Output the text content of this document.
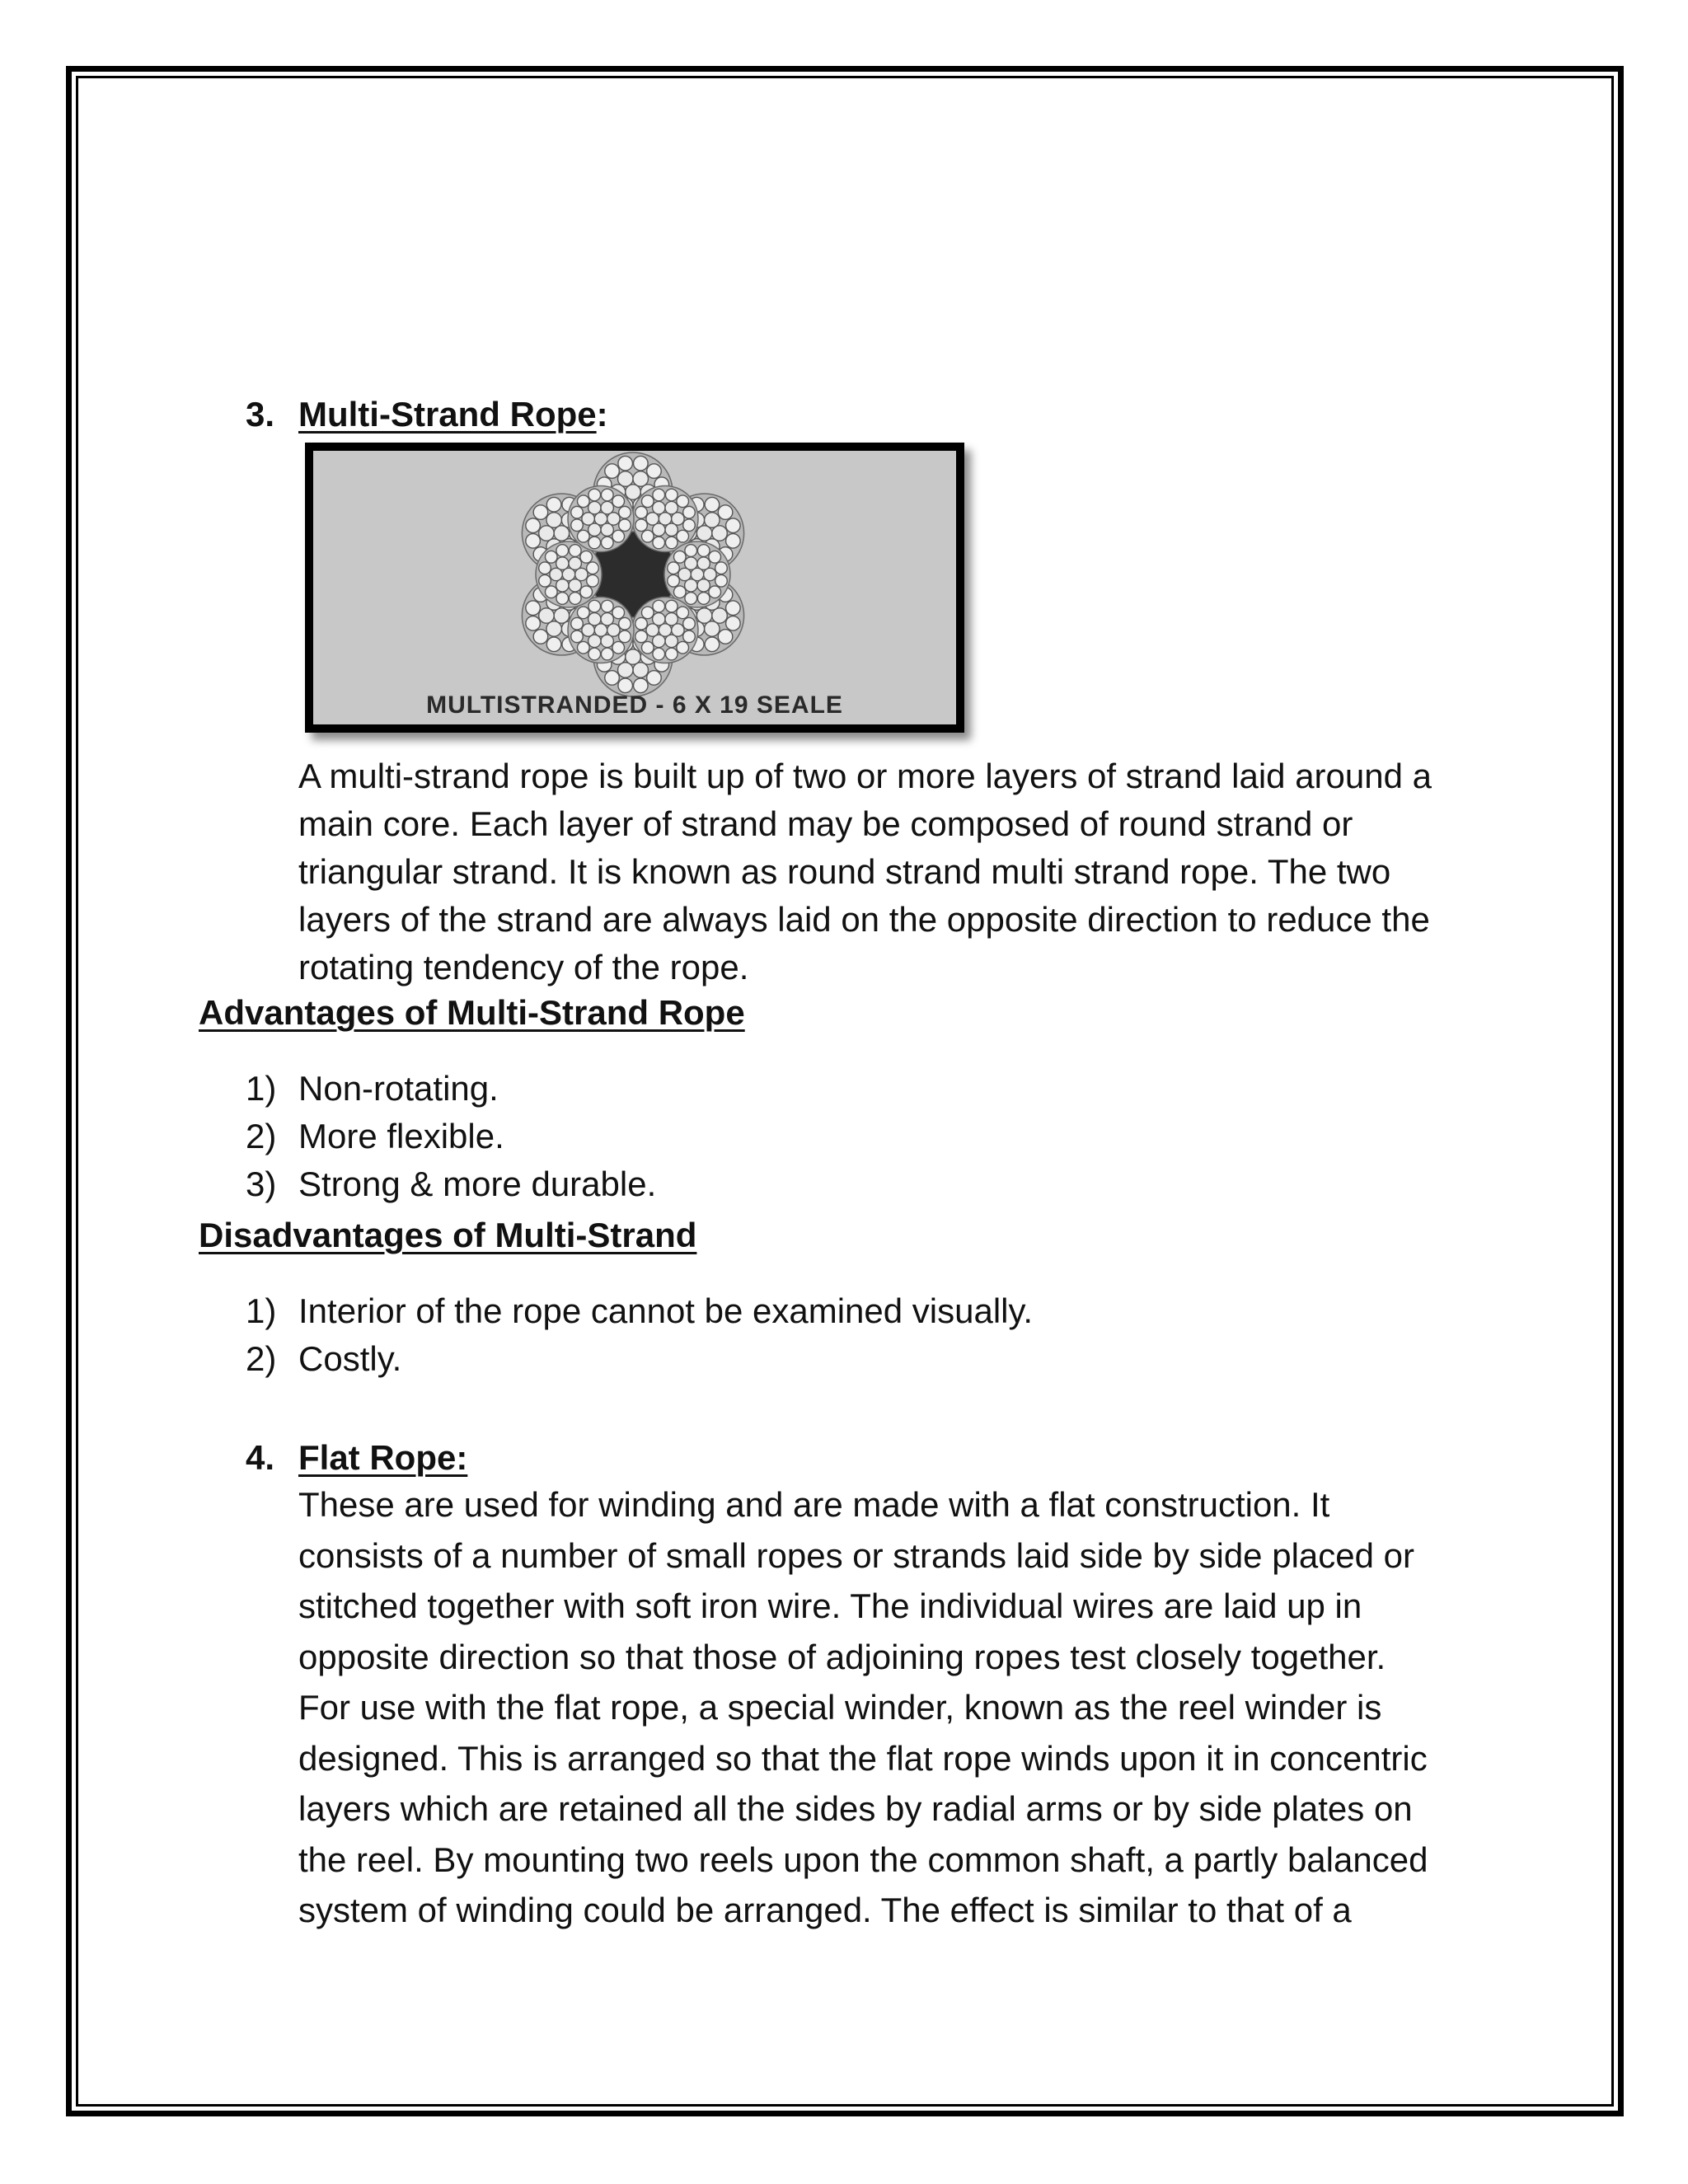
3. Multi-Strand Rope:
MULTISTRANDED - 6 X 19 SEALE
A multi-strand rope is built up of two or more layers of strand laid around a
main core. Each layer of strand may be composed of round strand or
triangular strand. It is known as round strand multi strand rope. The two
layers of the strand are always laid on the opposite direction to reduce the
rotating tendency of the rope.
Advantages of Multi-Strand Rope
1) Non-rotating.
2) More flexible.
3) Strong & more durable.
Disadvantages of Multi-Strand
1) Interior of the rope cannot be examined visually.
2) Costly.
4. Flat Rope:
These are used for winding and are made with a flat construction. It
consists of a number of small ropes or strands laid side by side placed or
stitched together with soft iron wire. The individual wires are laid up in
opposite direction so that those of adjoining ropes test closely together.
For use with the flat rope, a special winder, known as the reel winder is
designed. This is arranged so that the flat rope winds upon it in concentric
layers which are retained all the sides by radial arms or by side plates on
the reel. By mounting two reels upon the common shaft, a partly balanced
system of winding could be arranged. The effect is similar to that of a
